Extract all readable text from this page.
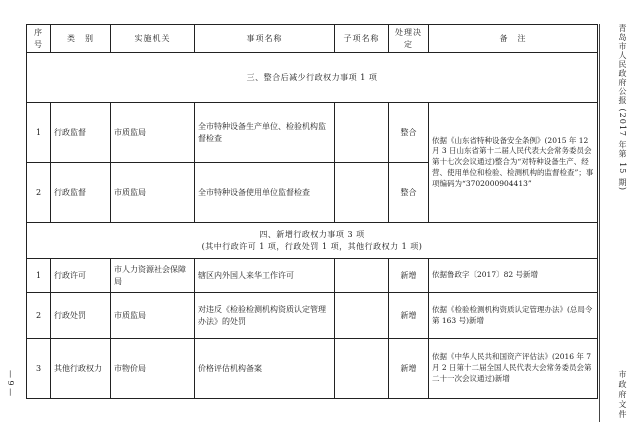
序号	类　别	实施机关	事项名称	子项名称	处理决定	备　注
三、整合后减少行政权力事项 1 项						
1	行政监督	市质监局	全市特种设备生产单位、检验机构监督检查		整合	依据《山东省特种设备安全条例》(2015 年 12 月 3 日山东省第十二届人民代表大会常务委员会第十七次会议通过)整合为“对特种设备生产、经营、使用单位和检验、检测机构的监督检查”；事项编码为“3702000904413”
2	行政监督	市质监局	全市特种设备使用单位监督检查		整合	

四、新增行政权力事项 3 项
(其中行政许可 1 项，行政处罚 1 项，其他行政权力 1 项)						

1	行政许可	市人力资源社会保障局	辖区内外国人来华工作许可		新增	依据鲁政字〔2017〕82 号新增
2	行政处罚	市质监局	对违反《检验检测机构资质认定管理办法》的处罚		新增	依据《检验检测机构资质认定管理办法》(总局令第 163 号)新增
3	其他行政权力	市物价局	价格评估机构备案		新增	依据《中华人民共和国资产评估法》(2016 年 7 月 2 日第十二届全国人民代表大会常务委员会第二十一次会议通过)新增
青岛市人民政府公报 (2017 年第 15 期)
市政府文件
— 9 —
